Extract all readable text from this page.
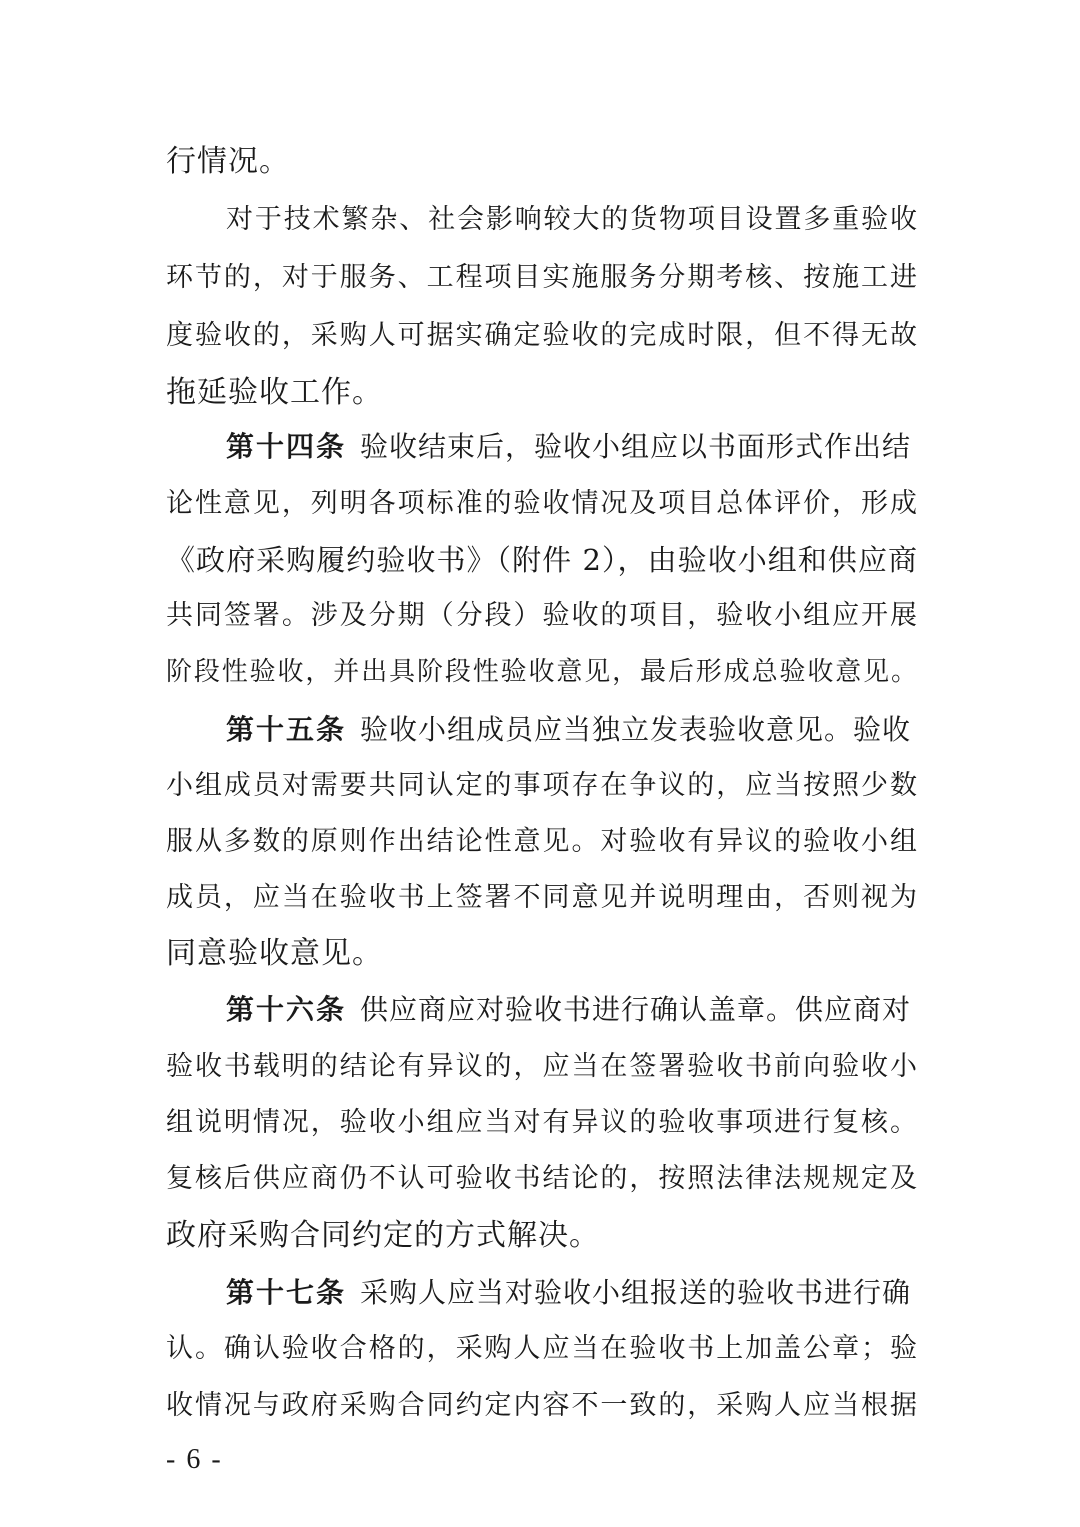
行情况。
对于技术繁杂、社会影响较大的货物项目设置多重验收
环节的，对于服务、工程项目实施服务分期考核、按施工进
度验收的，采购人可据实确定验收的完成时限，但不得无故
拖延验收工作。
第十四条 验收结束后，验收小组应以书面形式作出结
论性意见，列明各项标准的验收情况及项目总体评价，形成
《政府采购履约验收书》（附件 2），由验收小组和供应商
共同签署。涉及分期（分段）验收的项目，验收小组应开展
阶段性验收，并出具阶段性验收意见，最后形成总验收意见。
第十五条 验收小组成员应当独立发表验收意见。验收
小组成员对需要共同认定的事项存在争议的，应当按照少数
服从多数的原则作出结论性意见。对验收有异议的验收小组
成员，应当在验收书上签署不同意见并说明理由，否则视为
同意验收意见。
第十六条 供应商应对验收书进行确认盖章。供应商对
验收书载明的结论有异议的，应当在签署验收书前向验收小
组说明情况，验收小组应当对有异议的验收事项进行复核。
复核后供应商仍不认可验收书结论的，按照法律法规规定及
政府采购合同约定的方式解决。
第十七条 采购人应当对验收小组报送的验收书进行确
认。确认验收合格的，采购人应当在验收书上加盖公章；验
收情况与政府采购合同约定内容不一致的，采购人应当根据
- 6 -
